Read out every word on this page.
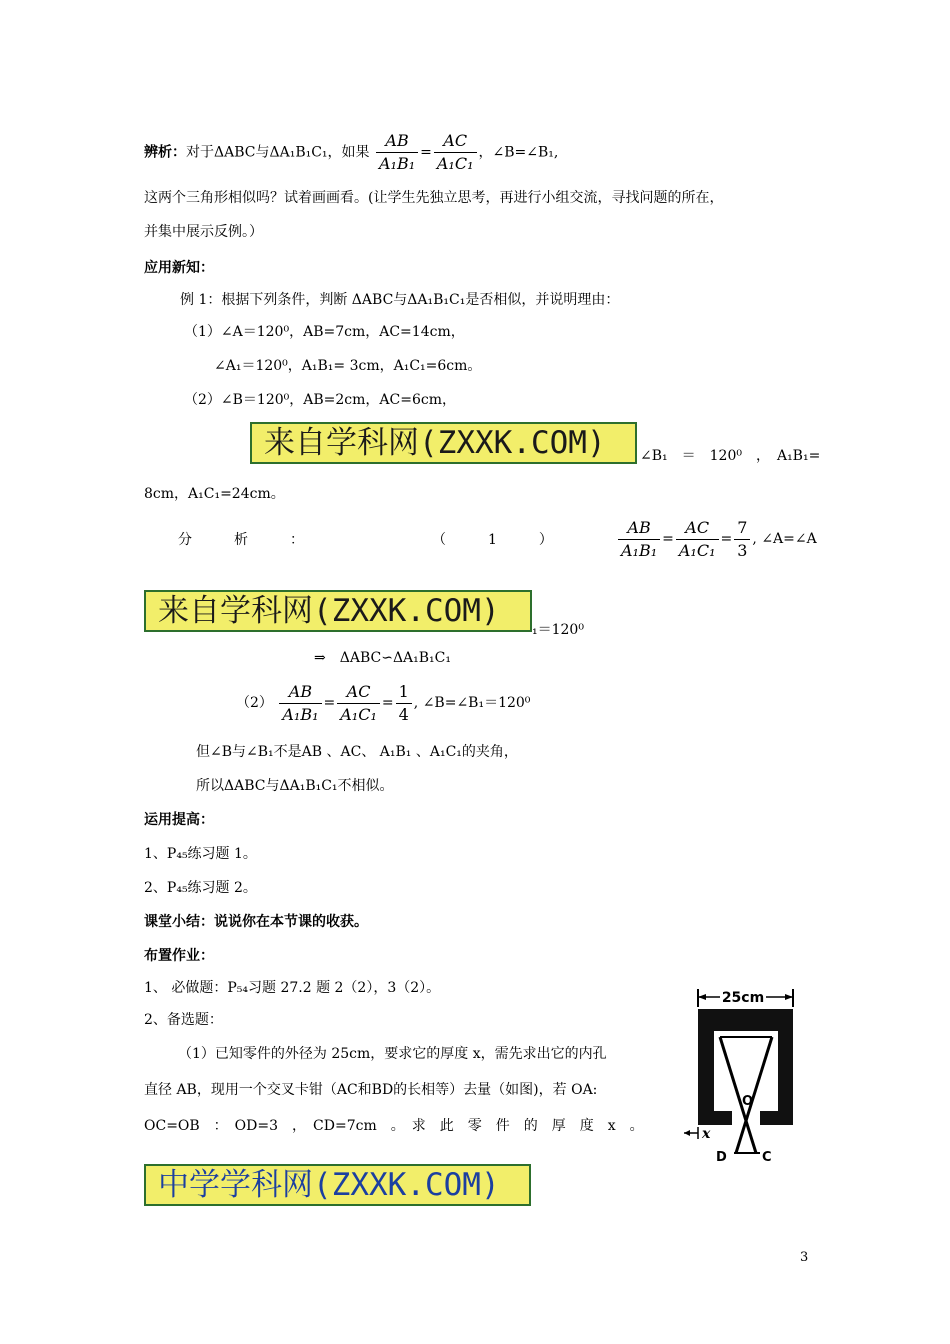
辨析：对于ΔABC与ΔA₁B₁C₁，如果 $\frac{AB}{\text{A₁B₁}} = \frac{AC}{\text{A₁C₁}}$ ，∠B=∠B₁,
这两个三角形相似吗？试着画画看。(让学生先独立思考，再进行小组交流，寻找问题的所在，
并集中展示反例。）
应用新知：
例 1：根据下列条件，判断 ΔABC与ΔA₁B₁C₁是否相似，并说明理由：
（1）∠A＝120⁰，AB=7cm，AC=14cm，
∠A₁＝120⁰，A₁B₁= 3cm，A₁C₁=6cm。
（2）∠B＝120⁰，AB=2cm，AC=6cm，
来自学科网(ZXXK.COM)	∠B₁　＝　120⁰　，　A₁B₁=
8cm，A₁C₁=24cm。
分　　　析　　　：	（　　　1　　　）	$\frac{AB}{\text{A₁B₁}} = \frac{AC}{\text{A₁C₁}} = \frac{7}{3}$ , ∠A=∠A
来自学科网(ZXXK.COM)
₁＝120⁰
⇒　ΔABC∽ΔA₁B₁C₁
$(2) \frac{AB}{\text{A₁B₁}} = \frac{AC}{\text{A₁C₁}} = \frac{1}{4}$ , ∠B=∠B₁＝120⁰
但∠B与∠B₁不是AB 、AC、 A₁B₁ 、A₁C₁的夹角，
所以ΔABC与ΔA₁B₁C₁不相似。
运用提高：
1、P₄₅练习题 1。
2、P₄₅练习题 2。
课堂小结：说说你在本节课的收获。
布置作业：
1、 必做题：P₅₄习题 27.2 题 2（2），3（2）。
2、备选题：
（1）已知零件的外径为 25cm，要求它的厚度 x，需先求出它的内孔
直径 AB，现用一个交叉卡钳（AC和BD的长相等）去量（如图)，若 OA:
OC=OB　：　OD=3　，　CD=7cm　。　求　此　零　件　的　厚　度　x　。
中学学科网(ZXXK.COM)
25cm
O
x
D	C
3
